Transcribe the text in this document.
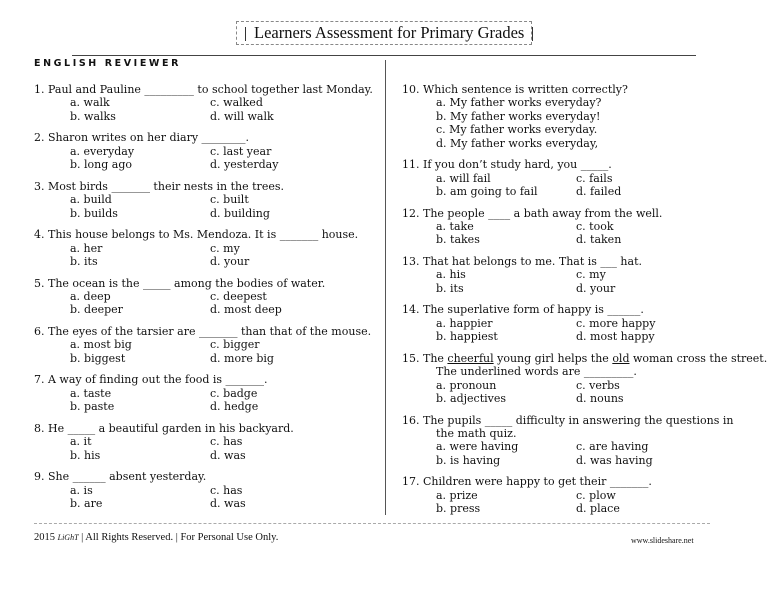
Learners Assessment for Primary Grades
ENGLISH REVIEWER
1. Paul and Pauline _________ to school together last Monday.
a. walk	c. walked
b. walks	d. will walk
2. Sharon writes on her diary ________.
a. everyday	c. last year
b. long ago	d. yesterday
3. Most birds _______ their nests in the trees.
a. build	c. built
b. builds	d. building
4. This house belongs to Ms. Mendoza. It is _______ house.
a. her	c. my
b. its	d. your
5. The ocean is the _____ among the bodies of water.
a. deep	c. deepest
b. deeper	d. most deep
6. The eyes of the tarsier are _______ than that of the mouse.
a. most big	c. bigger
b. biggest	d. more big
7. A way of finding out the food is _______.
a. taste	c. badge
b. paste	d. hedge
8. He _____ a beautiful garden in his backyard.
a. it	c. has
b. his	d. was
9. She ______ absent yesterday.
a. is	c. has
b. are	d. was
10. Which sentence is written correctly?
a. My father works everyday?
b. My father works everyday!
c. My father works everyday.
d. My father works everyday,
11. If you don’t study hard, you _____.
a. will fail	c. fails
b. am going to fail	d. failed
12. The people ____ a bath away from the well.
a. take	c. took
b. takes	d. taken
13. That hat belongs to me. That is ___ hat.
a. his	c. my
b. its	d. your
14. The superlative form of happy is ______.
a. happier	c. more happy
b. happiest	d. most happy
15. The cheerful young girl helps the old woman cross the street.
The underlined words are _________.
a. pronoun	c. verbs
b. adjectives	d. nouns
16. The pupils _____ difficulty in answering the questions in
the math quiz.
a. were having	c. are having
b. is having	d. was having
17. Children were happy to get their _______.
a. prize	c. plow
b. press	d. place
2015 LiGhT | All Rights Reserved. | For Personal Use Only.	www.slideshare.net
